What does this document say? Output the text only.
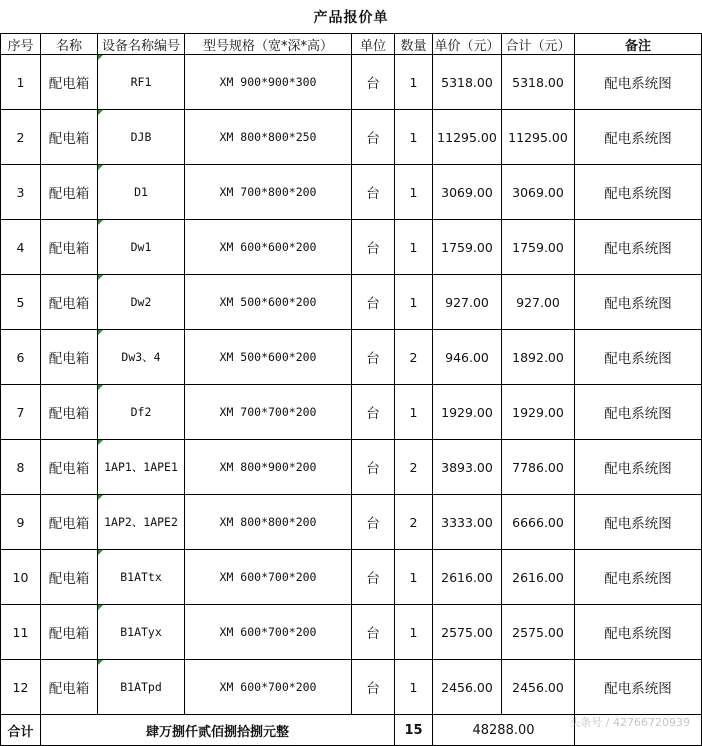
产品报价单
序号	名称	设备名称编号	型号规格（宽*深*高）	单位	数量	单价（元）	合计（元）	备注
1	配电箱	RF1	XM 900*900*300	台	1	5318.00	5318.00	配电系统图
2	配电箱	DJB	XM 800*800*250	台	1	11295.00	11295.00	配电系统图
3	配电箱	D1	XM 700*800*200	台	1	3069.00	3069.00	配电系统图
4	配电箱	Dw1	XM 600*600*200	台	1	1759.00	1759.00	配电系统图
5	配电箱	Dw2	XM 500*600*200	台	1	927.00	927.00	配电系统图
6	配电箱	Dw3、4	XM 500*600*200	台	2	946.00	1892.00	配电系统图
7	配电箱	Df2	XM 700*700*200	台	1	1929.00	1929.00	配电系统图
8	配电箱	1AP1、1APE1	XM 800*900*200	台	2	3893.00	7786.00	配电系统图
9	配电箱	1AP2、1APE2	XM 800*800*200	台	2	3333.00	6666.00	配电系统图
10	配电箱	B1ATtx	XM 600*700*200	台	1	2616.00	2616.00	配电系统图
11	配电箱	B1ATyx	XM 600*700*200	台	1	2575.00	2575.00	配电系统图
12	配电箱	B1ATpd	XM 600*700*200	台	1	2456.00	2456.00	配电系统图
合计	肆万捌仟贰佰捌拾捌元整				15	48288.00			头条号 / 42766720939
